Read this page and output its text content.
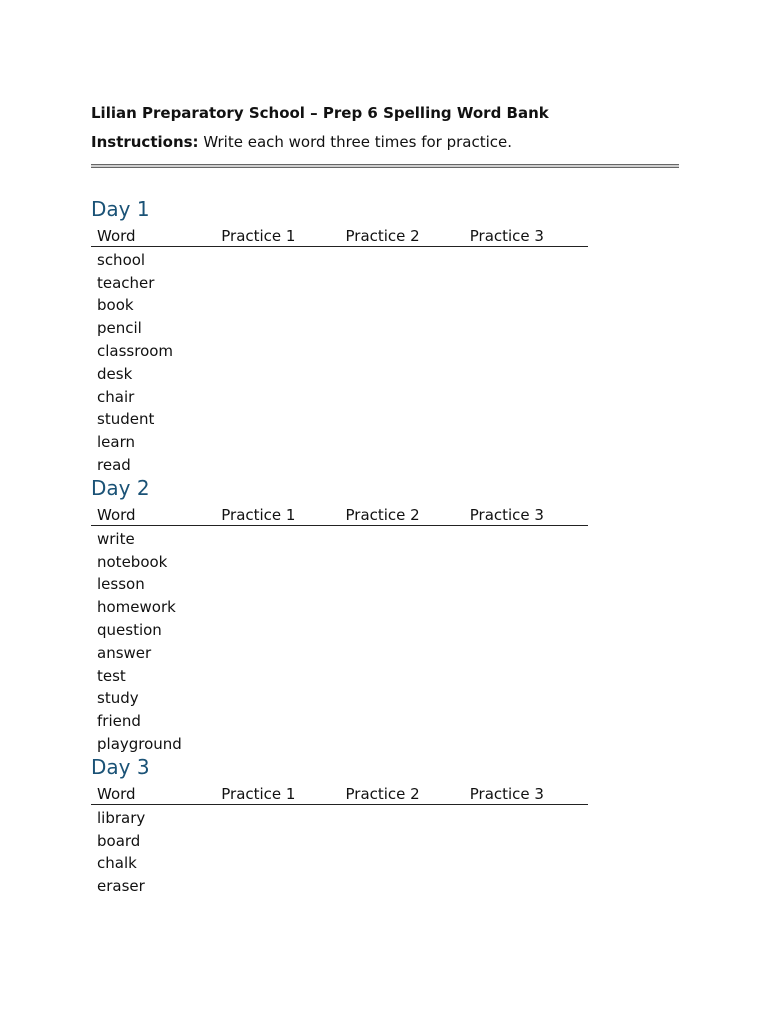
Lilian Preparatory School – Prep 6 Spelling Word Bank
Instructions: Write each word three times for practice.
Day 1
Word	Practice 1	Practice 2	Practice 3
school
teacher
book
pencil
classroom
desk
chair
student
learn
read
Day 2
Word	Practice 1	Practice 2	Practice 3
write
notebook
lesson
homework
question
answer
test
study
friend
playground
Day 3
Word	Practice 1	Practice 2	Practice 3
library
board
chalk
eraser
